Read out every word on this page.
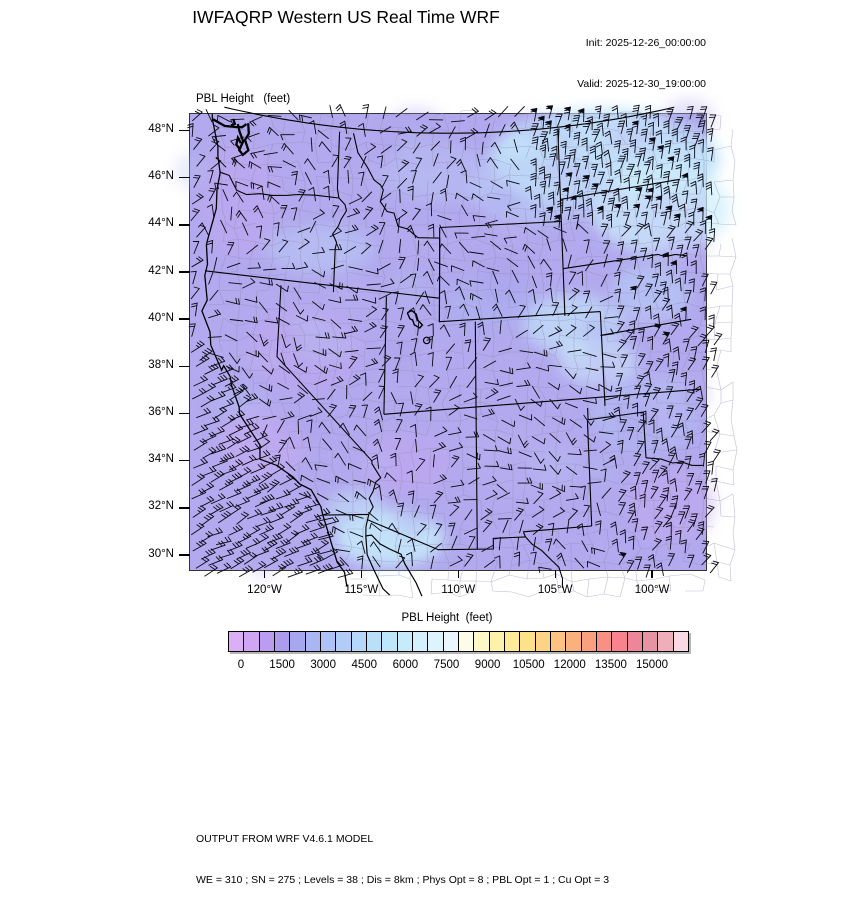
IWFAQRP Western US Real Time WRF

Init: 2025-12-26_00:00:00

Valid: 2025-12-30_19:00:00

PBL Height   (feet)

48°N
46°N
44°N
42°N
40°N
38°N
36°N
34°N
32°N
30°N
120°W	115°W	110°W	105°W	100°W
PBL Height  (feet)
0 1500 3000 4500 6000 7500 9000 10500 12000 13500 15000

OUTPUT FROM WRF V4.6.1 MODEL

WE = 310 ; SN = 275 ; Levels = 38 ; Dis = 8km ; Phys Opt = 8 ; PBL Opt = 1 ; Cu Opt = 3
